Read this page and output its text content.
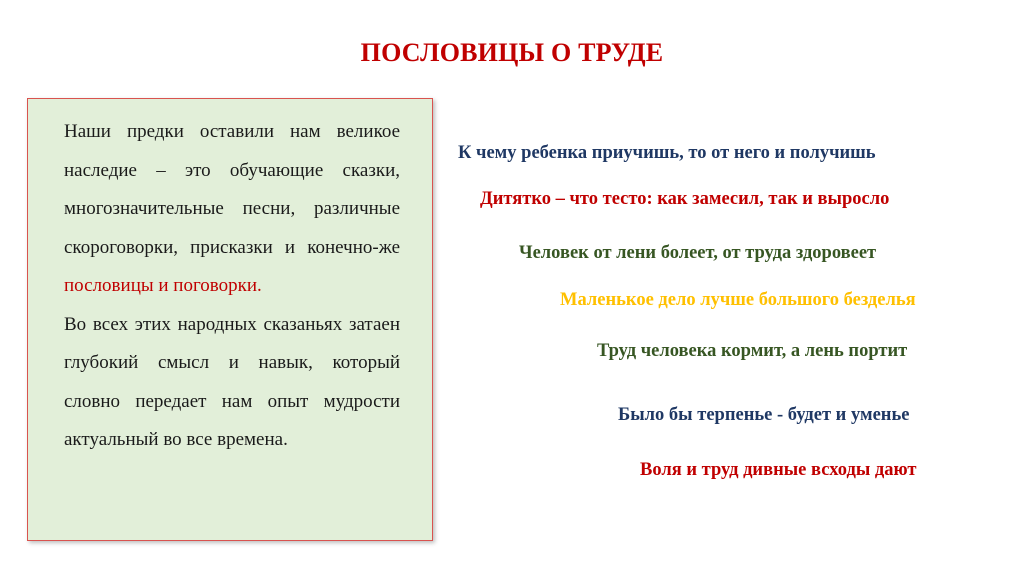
ПОСЛОВИЦЫ О ТРУДЕ

Наши предки оставили нам великое наследие – это обучающие сказки, многозначительные песни, различные скороговорки, присказки и конечно-же пословицы и поговорки.

Во всех этих народных сказаньях затаен глубокий смысл и навык, который словно передает нам опыт мудрости актуальный во все времена.

К чему ребенка приучишь, то от него и получишь
Дитятко – что тесто: как замесил, так и выросло
Человек от лени болеет, от труда здоровеет
Маленькое дело лучше большого безделья
Труд человека кормит, а лень портит
Было бы терпенье - будет и уменье
Воля и труд дивные всходы дают
